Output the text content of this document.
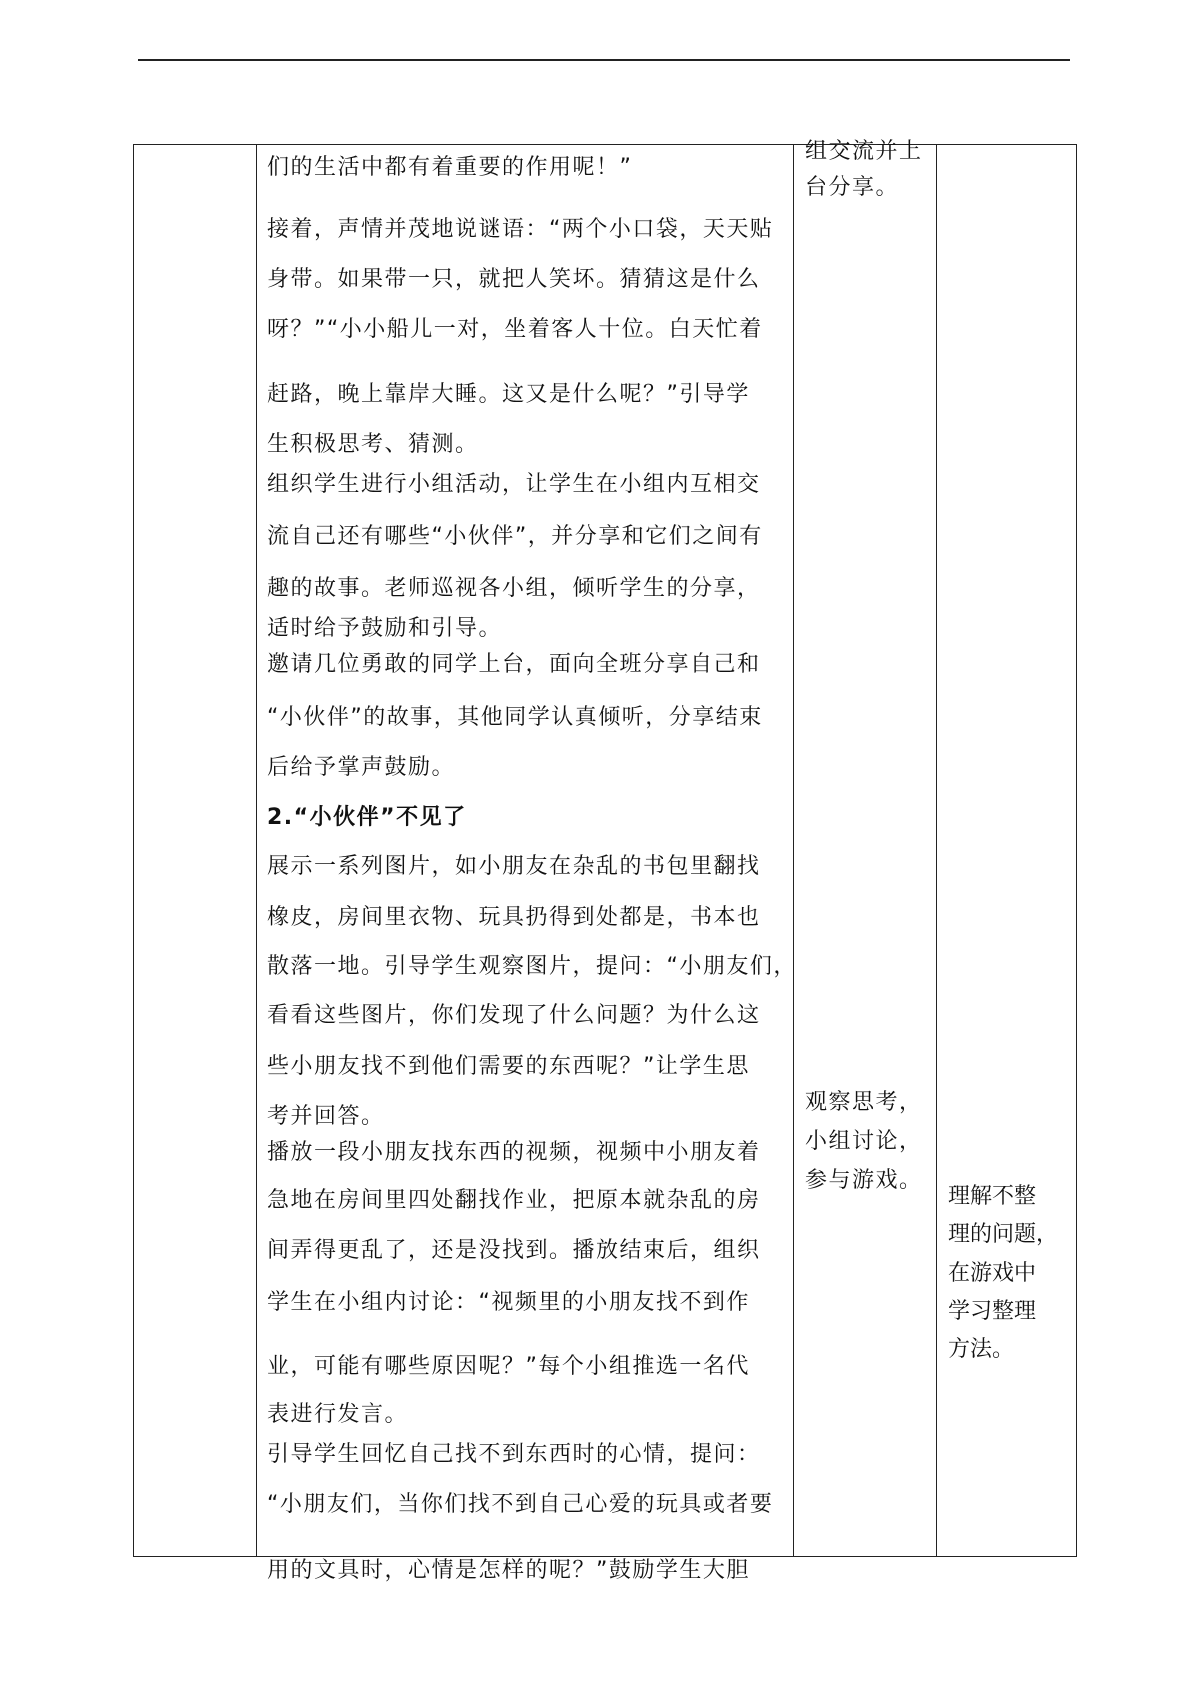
们的生活中都有着重要的作用呢！”
接着，声情并茂地说谜语：“两个小口袋，天天贴
身带。如果带一只，就把人笑坏。猜猜这是什么
呀？”“小小船儿一对，坐着客人十位。白天忙着
赶路，晚上靠岸大睡。这又是什么呢？”引导学
生积极思考、猜测。
组织学生进行小组活动，让学生在小组内互相交
流自己还有哪些“小伙伴”，并分享和它们之间有
趣的故事。老师巡视各小组，倾听学生的分享，
适时给予鼓励和引导。
邀请几位勇敢的同学上台，面向全班分享自己和
“小伙伴”的故事，其他同学认真倾听，分享结束
后给予掌声鼓励。
2.“小伙伴”不见了
展示一系列图片，如小朋友在杂乱的书包里翻找
橡皮，房间里衣物、玩具扔得到处都是，书本也
散落一地。引导学生观察图片，提问：“小朋友们，
看看这些图片，你们发现了什么问题？为什么这
些小朋友找不到他们需要的东西呢？”让学生思
考并回答。
播放一段小朋友找东西的视频，视频中小朋友着
急地在房间里四处翻找作业，把原本就杂乱的房
间弄得更乱了，还是没找到。播放结束后，组织
学生在小组内讨论：“视频里的小朋友找不到作
业，可能有哪些原因呢？”每个小组推选一名代
表进行发言。
引导学生回忆自己找不到东西时的心情，提问：
“小朋友们，当你们找不到自己心爱的玩具或者要
用的文具时，心情是怎样的呢？”鼓励学生大胆
组交流并上
台分享。
观察思考，
小组讨论，
参与游戏。
理解不整
理的问题，
在游戏中
学习整理
方法。
